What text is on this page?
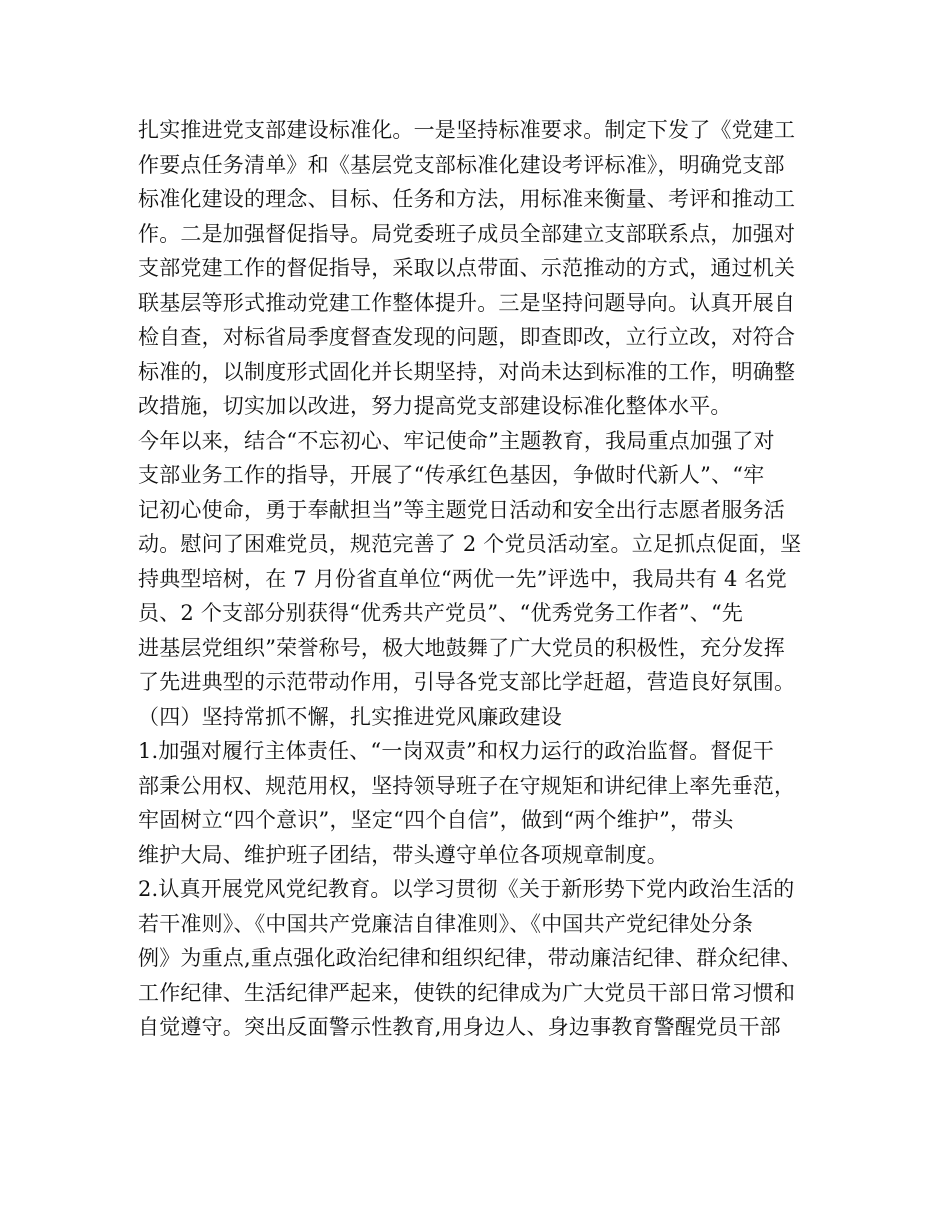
扎实推进党支部建设标准化。一是坚持标准要求。制定下发了《党建工
作要点任务清单》和《基层党支部标准化建设考评标准》，明确党支部
标准化建设的理念、目标、任务和方法，用标准来衡量、考评和推动工
作。二是加强督促指导。局党委班子成员全部建立支部联系点，加强对
支部党建工作的督促指导，采取以点带面、示范推动的方式，通过机关
联基层等形式推动党建工作整体提升。三是坚持问题导向。认真开展自
检自查，对标省局季度督查发现的问题，即查即改，立行立改，对符合
标准的，以制度形式固化并长期坚持，对尚未达到标准的工作，明确整
改措施，切实加以改进，努力提高党支部建设标准化整体水平。
今年以来，结合“不忘初心、牢记使命”主题教育，我局重点加强了对
支部业务工作的指导，开展了“传承红色基因，争做时代新人”、“牢
记初心使命，勇于奉献担当”等主题党日活动和安全出行志愿者服务活
动。慰问了困难党员，规范完善了 2 个党员活动室。立足抓点促面，坚
持典型培树，在 7 月份省直单位“两优一先”评选中，我局共有 4 名党
员、2 个支部分别获得“优秀共产党员”、“优秀党务工作者”、“先
进基层党组织”荣誉称号，极大地鼓舞了广大党员的积极性，充分发挥
了先进典型的示范带动作用，引导各党支部比学赶超，营造良好氛围。
（四）坚持常抓不懈，扎实推进党风廉政建设
1.加强对履行主体责任、“一岗双责”和权力运行的政治监督。督促干
部秉公用权、规范用权，坚持领导班子在守规矩和讲纪律上率先垂范，
牢固树立“四个意识”，坚定“四个自信”，做到“两个维护”，带头
维护大局、维护班子团结，带头遵守单位各项规章制度。
2.认真开展党风党纪教育。以学习贯彻《关于新形势下党内政治生活的
若干准则》、《中国共产党廉洁自律准则》、《中国共产党纪律处分条
例》为重点,重点强化政治纪律和组织纪律，带动廉洁纪律、群众纪律、
工作纪律、生活纪律严起来，使铁的纪律成为广大党员干部日常习惯和
自觉遵守。突出反面警示性教育,用身边人、身边事教育警醒党员干部
